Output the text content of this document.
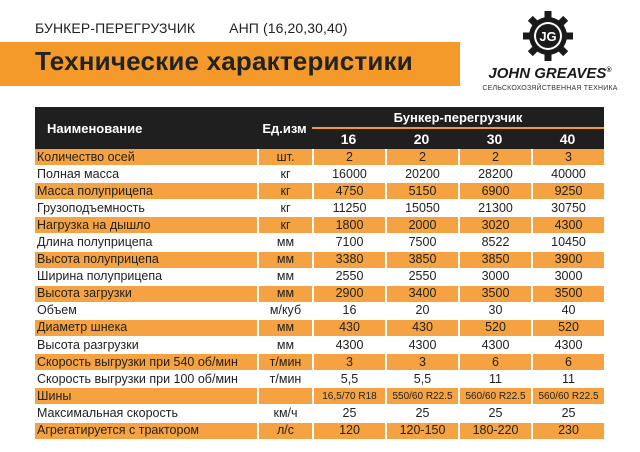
БУНКЕР-ПЕРЕГРУЗЧИК АНП (16,20,30,40)
Технические характеристики
JG
JOHN GREAVES®
СЕЛЬСКОХОЗЯЙСТВЕННАЯ ТЕХНИКА
Наименование	Ед.изм	Бункер-перегрузчик			
		16	20	30	40
Количество осей	шт.	2	2	2	3
Полная масса	кг	16000	20200	28200	40000
Масса полуприцепа	кг	4750	5150	6900	9250
Грузоподъемность	кг	11250	15050	21300	30750
Нагрузка на дышло	кг	1800	2000	3020	4300
Длина полуприцепа	мм	7100	7500	8522	10450
Высота полуприцепа	мм	3380	3850	3850	3900
Ширина полуприцепа	мм	2550	2550	3000	3000
Высота загрузки	мм	2900	3400	3500	3500
Объем	м/куб	16	20	30	40
Диаметр шнека	мм	430	430	520	520
Высота разгрузки	мм	4300	4300	4300	4300
Скорость выгрузки при 540 об/мин	т/мин	3	3	6	6
Скорость выгрузки при 100 об/мин	т/мин	5,5	5,5	11	11
Шины		16,5/70 R18	550/60 R22.5	560/60 R22.5	560/60 R22.5
Максимальная скорость	км/ч	25	25	25	25
Агрегатируется с трактором	л/с	120	120-150	180-220	230
